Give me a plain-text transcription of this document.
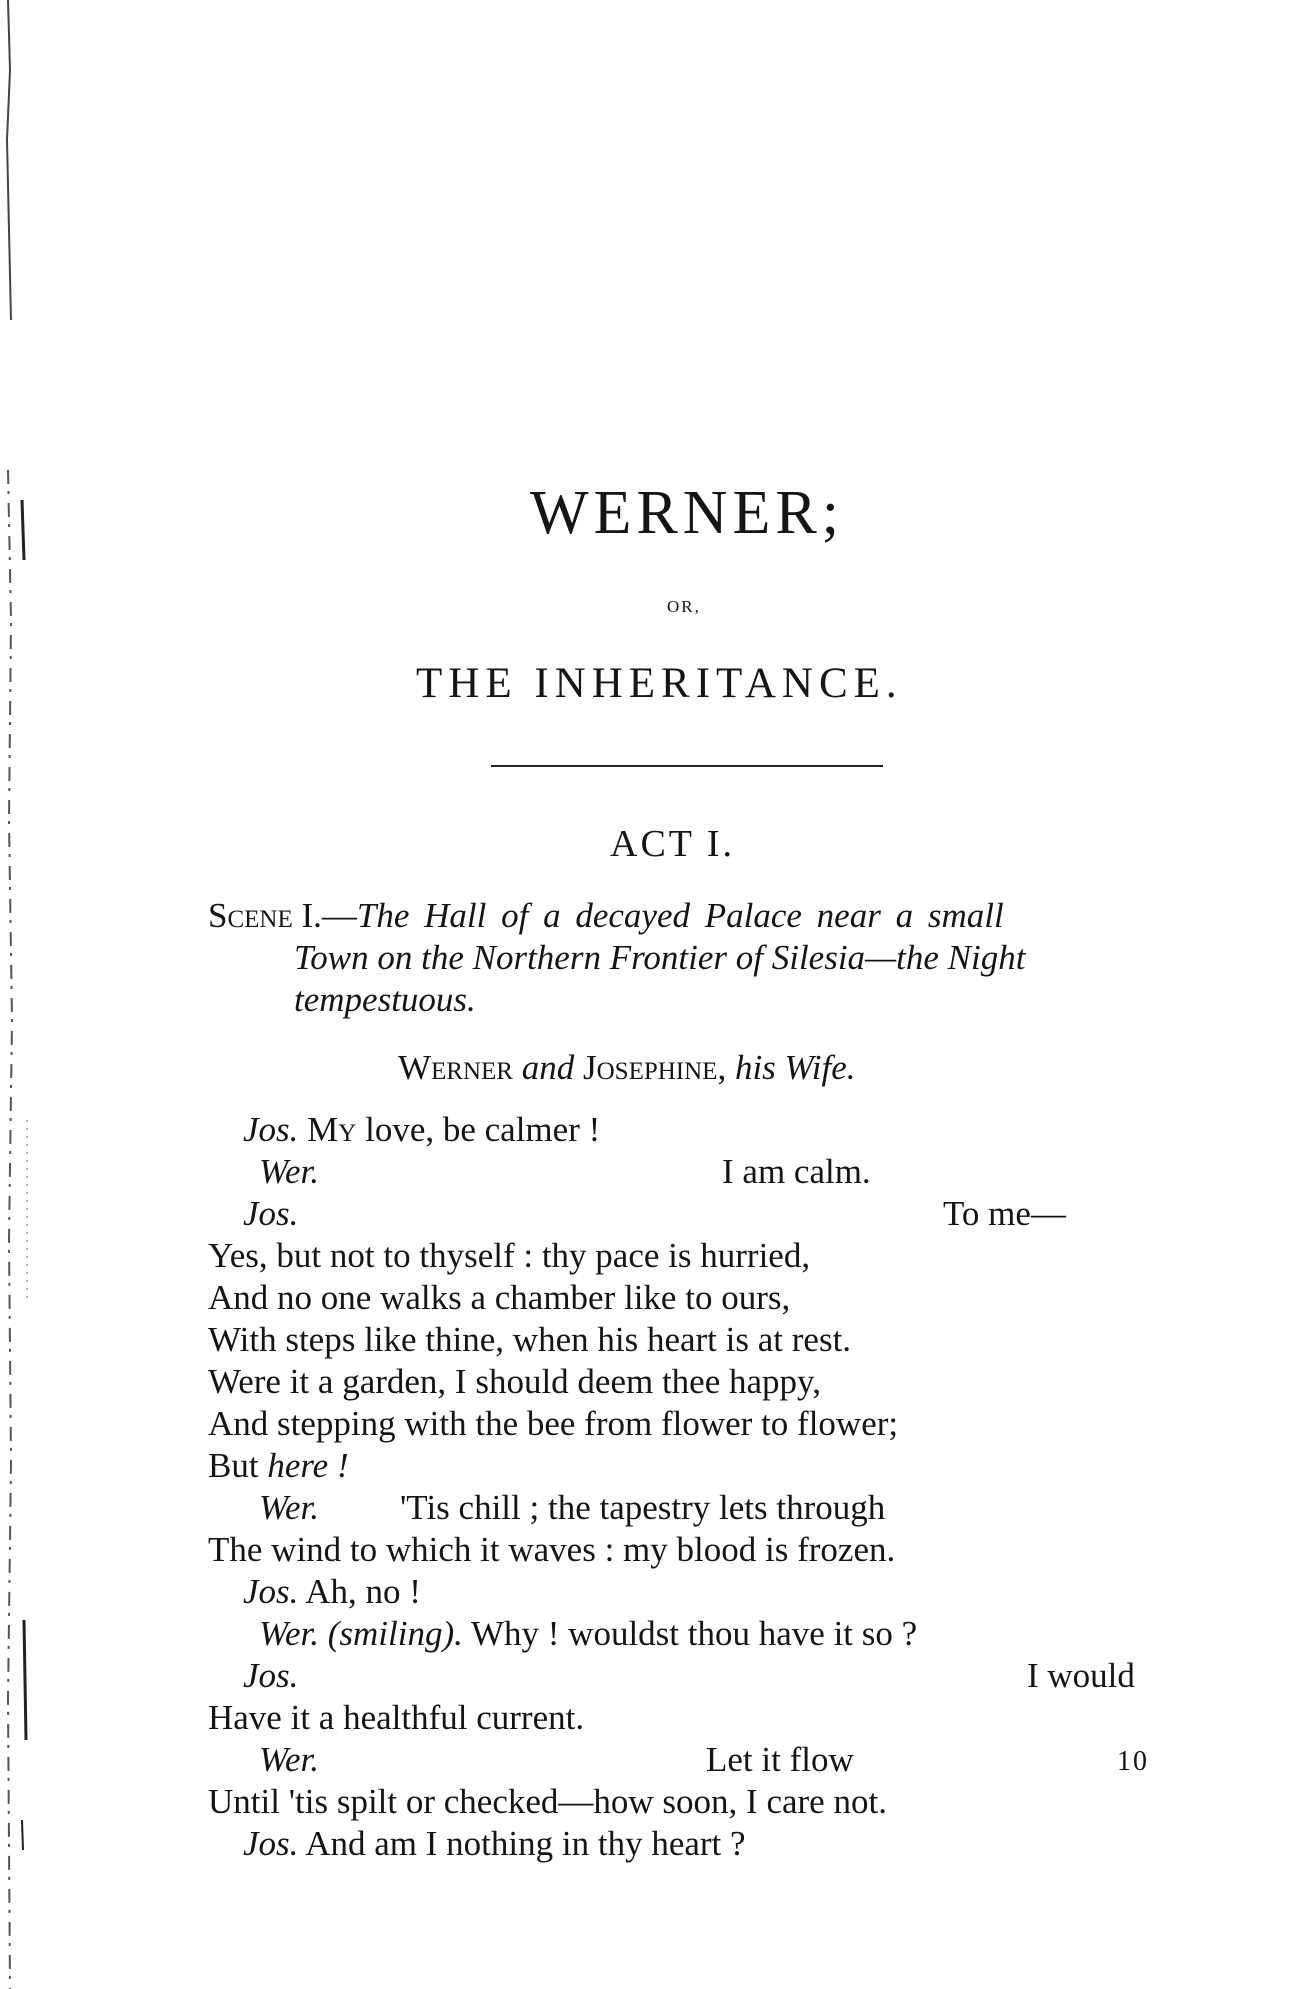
WERNER;
OR,
THE INHERITANCE.
ACT I.
Scene I.—The Hall of a decayed Palace near a small
Town on the Northern Frontier of Silesia—the Night
tempestuous.
Werner and Josephine, his Wife.
Jos. My love, be calmer !
Wer.	I am calm.
Jos.	To me—
Yes, but not to thyself : thy pace is hurried,
And no one walks a chamber like to ours,
With steps like thine, when his heart is at rest.
Were it a garden, I should deem thee happy,
And stepping with the bee from flower to flower;
But here !
Wer. 'Tis chill ; the tapestry lets through
The wind to which it waves : my blood is frozen.
Jos. Ah, no !
Wer. (smiling). Why ! wouldst thou have it so ?
Jos.	I would
Have it a healthful current.
Wer.	Let it flow	10
Until 'tis spilt or checked—how soon, I care not.
Jos. And am I nothing in thy heart ?
